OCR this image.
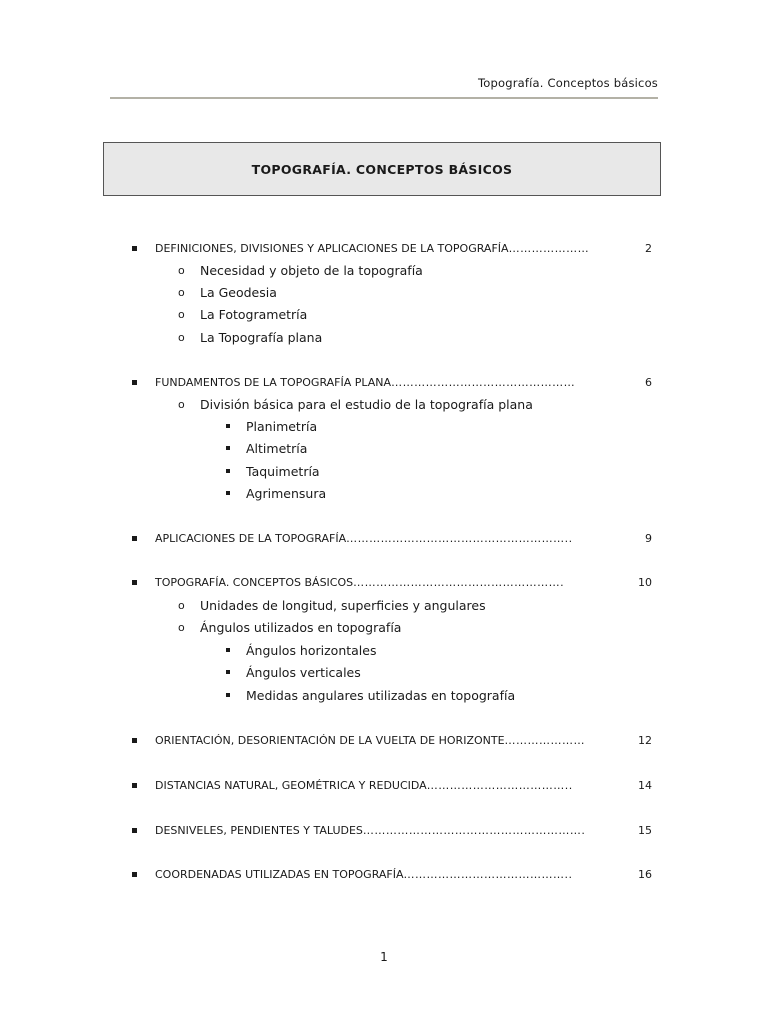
Topografía. Conceptos básicos
TOPOGRAFÍA. CONCEPTOS BÁSICOS
DEFINICIONES, DIVISIONES Y APLICACIONES DE LA TOPOGRAFÍA …………………	2
o	Necesidad y objeto de la topografía
o	La Geodesia
o	La Fotogrametría
o	La Topografía plana
FUNDAMENTOS DE LA TOPOGRAFÍA PLANA …………………………………………	6
o	División básica para el estudio de la topografía plana
Planimetría
Altimetría
Taquimetría
Agrimensura
APLICACIONES DE LA TOPOGRAFÍA …………………………………………………..	9
TOPOGRAFÍA. CONCEPTOS BÁSICOS ……………………………………………….	10
o	Unidades de longitud, superficies y angulares
o	Ángulos utilizados en topografía
Ángulos horizontales
Ángulos verticales
Medidas angulares utilizadas en topografía
ORIENTACIÓN, DESORIENTACIÓN DE LA VUELTA DE HORIZONTE …………………	12
DISTANCIAS NATURAL, GEOMÉTRICA Y REDUCIDA ………………………………..	14
DESNIVELES, PENDIENTES Y TALUDES ………………………………………………….	15
COORDENADAS UTILIZADAS EN TOPOGRAFÍA ……………………………………..	16
1
